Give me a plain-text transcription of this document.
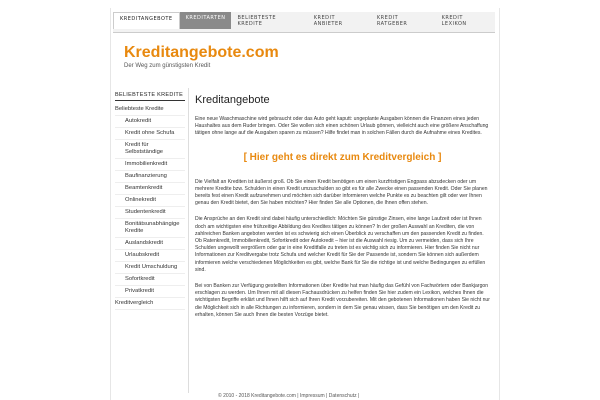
KREDITANGEBOTE	KREDITARTEN	BELIEBTESTE KREDITE
KREDIT ANBIETER
KREDIT RATGEBER
KREDIT LEXIKON
Kreditangebote.com
Der Weg zum günstigsten Kredit
BELIEBTESTE KREDITE
Beliebteste Kredite
Autokredit
Kredit ohne Schufa
Kredit für Selbstständige
Immobilienkredit
Baufinanzierung
Beamtenkredit
Onlinekredit
Studentenkredit
Bonitätsunabhängige Kredite
Auslandskredit
Urlaubskredit
Kredit Umschuldung
Sofortkredit
Privatkredit
Kreditvergleich
Kreditangebote

Eine neue Waschmaschine wird gebraucht oder das Auto geht kaputt: ungeplante Ausgaben können die Finanzen eines jeden Haushaltes aus dem Ruder bringen. Oder Sie wollen sich einen schönen Urlaub gönnen, vielleicht auch eine größere Anschaffung tätigen ohne lange auf die Ausgaben sparen zu müssen? Hilfe findet man in solchen Fällen durch die Aufnahme eines Kredites.

[ Hier geht es direkt zum Kreditvergleich ]

Die Vielfalt an Krediten ist äußerst groß. Ob Sie einen Kredit benötigen um einen kurzfristigen Engpass abzudecken oder um mehrere Kredite bzw. Schulden in einen Kredit umzuschulden so gibt es für alle Zwecke einen passenden Kredit. Oder Sie planen bereits fest einen Kredit aufzunehmen und möchten sich darüber informieren welche Punkte es zu beachten gilt oder wer Ihnen genau den Kredit bietet, den Sie haben möchten? Hier finden Sie alle Optionen, die Ihnen offen stehen.

Die Ansprüche an den Kredit sind dabei häufig unterschiedlich: Möchten Sie günstige Zinsen, eine lange Laufzeit oder ist Ihnen doch am wichtigsten eine frühzeitige Abbildung des Kredites tätigen zu können? In der großen Auswahl an Krediten, die von zahlreichen Banken angeboten werden ist es schwierig sich einen Überblick zu verschaffen um den passenden Kredit zu finden. Ob Ratenkredit, Immobilienkredit, Sofortkredit oder Autokredit – hier ist die Auswahl riesig. Um zu vermeiden, dass sich Ihre Schulden ungewollt vergrößern oder gar in eine Kreditfalle zu treten ist es wichtig sich zu informieren. Hier finden Sie nicht nur Informationen zur Kreditvergabe trotz Schufa und welcher Kredit für Sie der Passende ist, sondern Sie können sich außerdem informieren welche verschiedenen Möglichkeiten es gibt, welche Bank für Sie die richtige ist und welche Bedingungen zu erfüllen sind.

Bei von Banken zur Verfügung gestellten Informationen über Kredite hat man häufig das Gefühl von Fachwörtern oder Bankjargon erschlagen zu werden. Um Ihnen mit all diesen Fachausdrücken zu helfen finden Sie hier zudem ein Lexikon, welches Ihnen die wichtigsten Begriffe erklärt und Ihnen hilft sich auf Ihren Kredit vorzubereiten. Mit den gebotenen Informationen haben Sie nicht nur die Möglichkeit sich in alle Richtungen zu informieren, sondern in dem Sie genau wissen, dass Sie benötigen um den Kredit zu erhalten, können Sie auch Ihnen die besten Vorzüge bietet.

© 2010 - 2018 Kreditangebote.com | Impressum | Datenschutz |
